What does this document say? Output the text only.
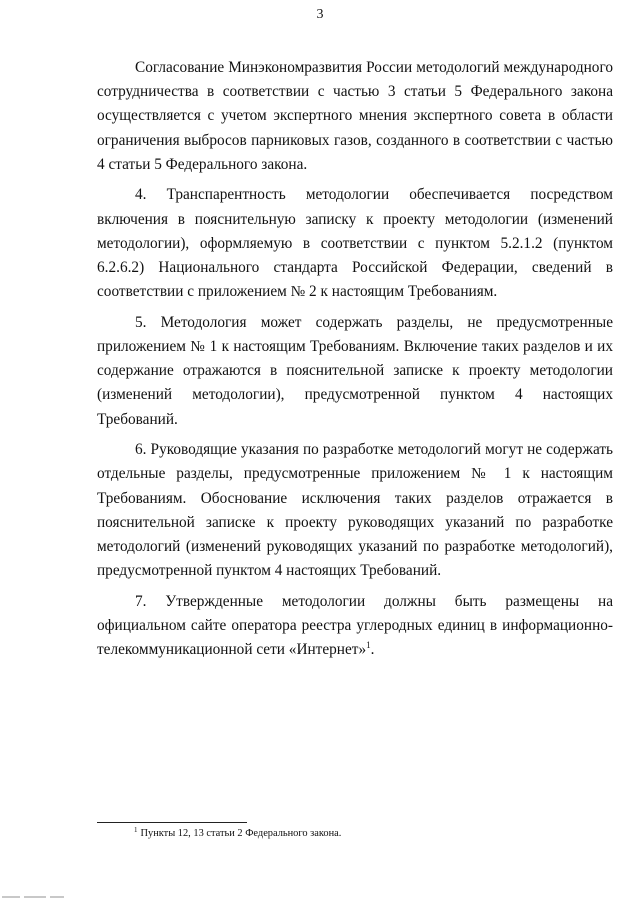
3

Согласование Минэкономразвития России методологий международного сотрудничества в соответствии с частью 3 статьи 5 Федерального закона осуществляется с учетом экспертного мнения экспертного совета в области ограничения выбросов парниковых газов, созданного в соответствии с частью 4 статьи 5 Федерального закона.

4. Транспарентность методологии обеспечивается посредством включения в пояснительную записку к проекту методологии (изменений методологии), оформляемую в соответствии с пунктом 5.2.1.2 (пунктом 6.2.6.2) Национального стандарта Российской Федерации, сведений в соответствии с приложением № 2 к настоящим Требованиям.

5. Методология может содержать разделы, не предусмотренные приложением № 1 к настоящим Требованиям. Включение таких разделов и их содержание отражаются в пояснительной записке к проекту методологии (изменений методологии), предусмотренной пунктом 4 настоящих Требований.

6. Руководящие указания по разработке методологий могут не содержать отдельные разделы, предусмотренные приложением № 1 к настоящим Требованиям. Обоснование исключения таких разделов отражается в пояснительной записке к проекту руководящих указаний по разработке методологий (изменений руководящих указаний по разработке методологий), предусмотренной пунктом 4 настоящих Требований.

7. Утвержденные методологии должны быть размещены на официальном сайте оператора реестра углеродных единиц в информационно-телекоммуникационной сети «Интернет»$^1$.

$^1$ Пункты 12, 13 статьи 2 Федерального закона.
